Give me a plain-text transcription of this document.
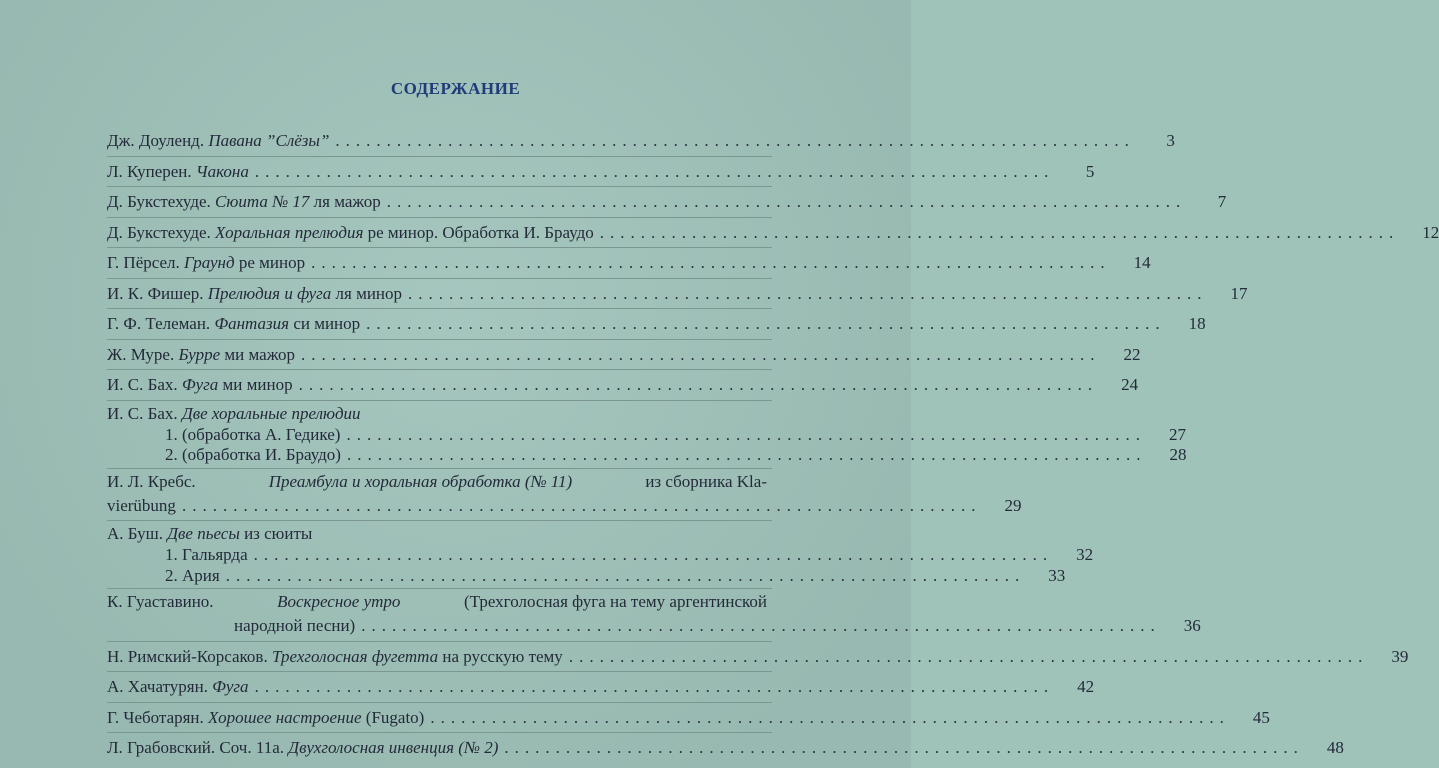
СОДЕРЖАНИЕ
Дж. Доуленд. Павана ”Слёзы” ..............................................................................	3
Л. Куперен. Чакона ..............................................................................	5
Д. Букстехуде. Сюита № 17 ля мажор ..............................................................................	7
Д. Букстехуде. Хоральная прелюдия ре минор. Обработка И. Браудо ..............................................................................	12
Г. Пёрсел. Граунд ре минор ..............................................................................	14
И. К. Фишер. Прелюдия и фуга ля минор ..............................................................................	17
Г. Ф. Телеман. Фантазия си минор ..............................................................................	18
Ж. Муре. Бурре ми мажор ..............................................................................	22
И. С. Бах. Фуга ми минор ..............................................................................	24
И. С. Бах. Две хоральные прелюдии
1. (обработка А. Гедике) ..............................................................................	27
2. (обработка И. Браудо) ..............................................................................	28
И. Л. Кребс.	Преамбула и хоральная обработка (№ 11)	из сборника Kla-
vierübung ..............................................................................	29
А. Буш. Две пьесы из сюиты
1. Гальярда ..............................................................................	32
2. Ария ..............................................................................	33
К. Гуаставино.	Воскресное утро	(Трехголосная фуга на тему аргентинской
народной песни) ..............................................................................	36
Н. Римский-Корсаков. Трехголосная фугетта на русскую тему ..............................................................................	39
А. Хачатурян. Фуга ..............................................................................	42
Г. Чеботарян. Хорошее настроение (Fugato) ..............................................................................	45
Л. Грабовский. Соч. 11а. Двухголосная инвенция (№ 2) ..............................................................................	48
